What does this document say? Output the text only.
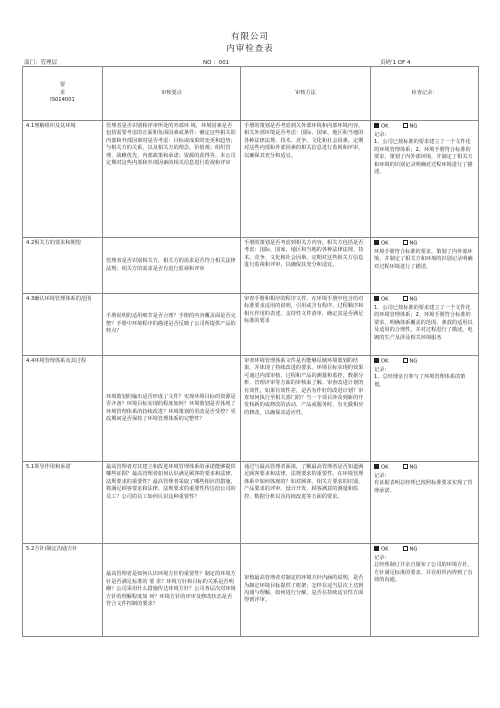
有限公司
内审检查表
部门：管理层	NO ：001	页码'1 OF 4
要
求
IS014001	审核要点	审核方法	检查记录：
4.1理解组织及其环境	管理者是否识别和评审所处的外部环 境，环境因素是否包括需要考虑的正面和负面因素或条件；确定这些相关的内部和外部因素时是否考虑：目标或成果的变更和趋势；与相关方的关系，以及相关方的理念、价值观；组织管理、战略优先、内部政策和承诺；资源的获得等。本公司定期对这些内部和外部因素的相关信息进行监视和评审	手册的策划是否考虑到关外部环境和内部环境内容。相关外部环境是否考虑：国际、国家、地区和当地的各种法律法规、技术、竞争、文化和社会因素。定期对这些内部和外部因素的相关信息进行监视和评审，以确保其充分和适宜。	OK NG

记录：

1、公司已按标准的要求建立了一个文件化的环境管理体系；2、环境手册符合标准的要求，策划了内外部环境，并制定了相关方和环境的识别记录明确对过程环境进行了描述。

4.2相关方的要求和期望	管理者是否识别相关方，相关方的需求是否符合相关法律法规；相关方的需求是否有进行监视和评审	手册的策划是否考虑到相关方内容。相关方包括是否考虑：国际、国家、地区和当地的各种法律法规、技术、竞争、文化和社会因素。定期对这些相关方信息进行监视和评审，以确保其充分和适宜。	OK NG

环境手册符合标准的要求，策划了内外部环境，并制定了相关方和环境的识别记录明确对过程环境进行了描述。

4.3确认环境管理体系的范围	手册说明的适用细节是否合理？手册的内容覆盖面是否完整？手册中环境程序的描述是否反映了公司所提供产品的特点？	审查手册和相应的程序文件，在环境手册中包含的对标准要求适用的说明，引用或含有程序，过程顺序和相互作用的表述，支持性文件清单，确定其是否满足标准的要求	OK NG

1、公司已按标准的要求建立了一个文件化的环境管理体系；2、环境手册符合标准的要求，明确体系覆盖的范围，条款的适用以及适用的合理性，并对过程进行了描述，电镀的生产及涉及相关环境服务

4.4环境管理体系及其过程	环境策划的输出是否形成了文件？实现环境目标的资源是否齐备？环境目标实现的程度如何？环境策划是否体现了环境管理体系的持续改进？环境策划的更改是否受控？更改期间是否保持了环境管理体系的完整性？	审查环境管理体系文件是否能够反映环境策划的结果，并体现了持续改进的要求。环境目标实现的效果可通过内部审核、过程和产品的测量和监控、数据分析、管理评审等方面的审核来了解。审查改进计划的有效性，如果有效性差，是否有作好的改进计划？审查如何执行至相关部门的？当一个项目涉及到新的开发和新的或修改的活动、产品或服务时，有无做相应的修改，以确保其适应性。	OK NG

记录：

1、总经理亲自参与了环境管理体系的策划。

5.1领导作用和承诺	最高管理者对其建立和改进环境管理体系的承诺能够提供哪些证据？最高管理者如何认识满足顾客的要求和法律、法规要求的重要性？最高管理者采取了哪些相应的措施，将满足顾客要求和法律、法规要求的重要性传达给公司的员工？公司的员工如何认识这种重要性？	通过与最高管理者面谈，了解最高管理者是否知道满足顾客要求和法律、法规要求的重要性。在环境管理体系中如何体现的？如对顾客、相关方要求的识别、产品要求的评审、设计开发、顾客满意的测量和监控、数据分析以及持续改进等方面的要求。	OK NG

记录：

有证据表明总经理已按照标准要求实现了管理承诺。

5.2方针/制定沟通方针	最高管理者是如何认识环境方针的重要性？制定的环境方针是否满足标准的 要 求？环境方针和目标的关系是否明确？公司采用什么措施传达环境方针？公司各层次对环境方针的理解程度如 何？环境方针的评审及修改状态是否符合文件控制的要求？	审核最高管理者对制定的环境方针内涵的说明，是否为制定环境目标提供了框架；怎样在适当层次上达到沟通与理解，如何进行分解，是否在持续适宜性方面得到评审。	OK NG

记录：

总经理制订并亲自颁布了公司的环境方针，方针满足标准的要求，并在组织内得到了有效的沟通。
